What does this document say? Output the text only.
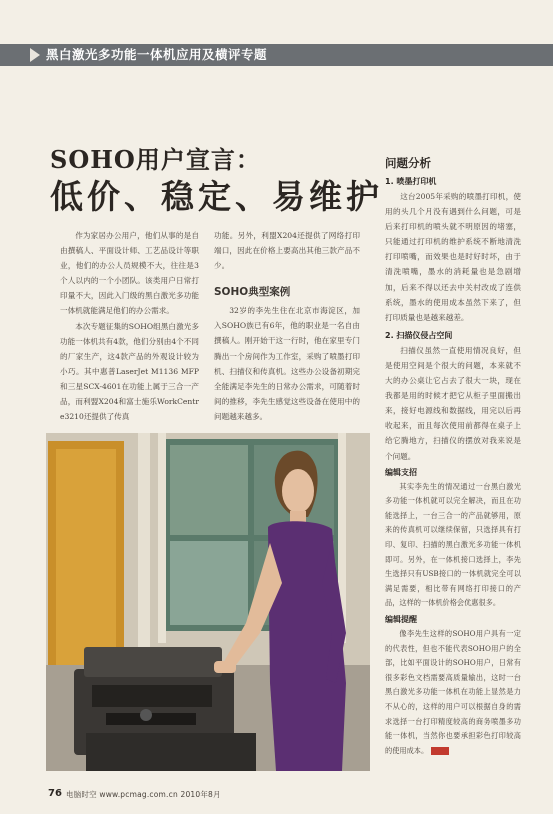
黑白激光多功能一体机应用及横评专题
SOHO用户宣言：
低价、稳定、易维护

作为家居办公用户，他们从事的是自由撰稿人、平面设计师、工艺品设计等职业，他们的办公人员规模不大，往往是3个人以内的一个小团队。该类用户日常打印量不大，因此入门级的黑白激光多功能一体机就能满足他们的办公需求。

本次专题征集的SOHO组黑白激光多功能一体机共有4款，他们分别由4个不同的厂家生产，这4款产品的外观设计较为小巧。其中惠普LaserJet M1136 MFP和三星SCX-4601在功能上属于三合一产品，而利盟X204和富士施乐WorkCentre3210还提供了传真

功能。另外，利盟X204还提供了网络打印端口，因此在价格上要高出其他三款产品不少。

SOHO典型案例

32岁的李先生住在北京市海淀区，加入SOHO族已有6年，他的职业是一名自由撰稿人。刚开始干这一行时，他在家里专门腾出一个房间作为工作室，采购了喷墨打印机、扫描仪和传真机。这些办公设备初期完全能满足李先生的日常办公需求，可随着时间的推移，李先生感觉这些设备在使用中的问题越来越多。

问题分析
1. 喷墨打印机

这台2005年采购的喷墨打印机，使用的头几个月没有遇到什么问题，可是后来打印机的喷头就不明原因的堵塞，只能通过打印机的维护系统不断地清洗打印喷嘴，而效果也是时好时坏，由于清洗喷嘴，墨水的消耗量也是急剧增加，后来不得以还去中关村改成了连供系统，墨水的使用成本虽然下来了，但打印质量也是越来越差。

2. 扫描仪侵占空间

扫描仪虽然一直使用情况良好，但是使用空间是个很大的问题，本来就不大的办公桌让它占去了很大一块，现在我都是用的时候才把它从柜子里面搬出来，接好电源线和数据线，用完以后再收起来，而且每次使用前都得在桌子上给它腾地方，扫描仪的摆放对我来说是个问题。

编辑支招

其实李先生的情况通过一台黑白激光多功能一体机就可以完全解决，而且在功能选择上，一台三合一的产品就够用，原来的传真机可以继续保留，只选择具有打印、复印、扫描的黑白激光多功能一体机即可。另外，在一体机接口选择上，李先生选择只有USB接口的一体机就完全可以满足需要，相比带有网络打印接口的产品，这样的一体机价格会优惠很多。

编辑提醒

像李先生这样的SOHO用户具有一定的代表性，但也不能代表SOHO用户的全部，比如平面设计的SOHO用户，日常有很多彩色文档需要高质量输出，这时一台黑白激光多功能一体机在功能上显然是力不从心的，这样的用户可以根据自身的需求选择一台打印精度较高的商务喷墨多功能一体机，当然你也要承担彩色打印较高的使用成本。

76 电脑时空 www.pcmag.com.cn 2010年8月
